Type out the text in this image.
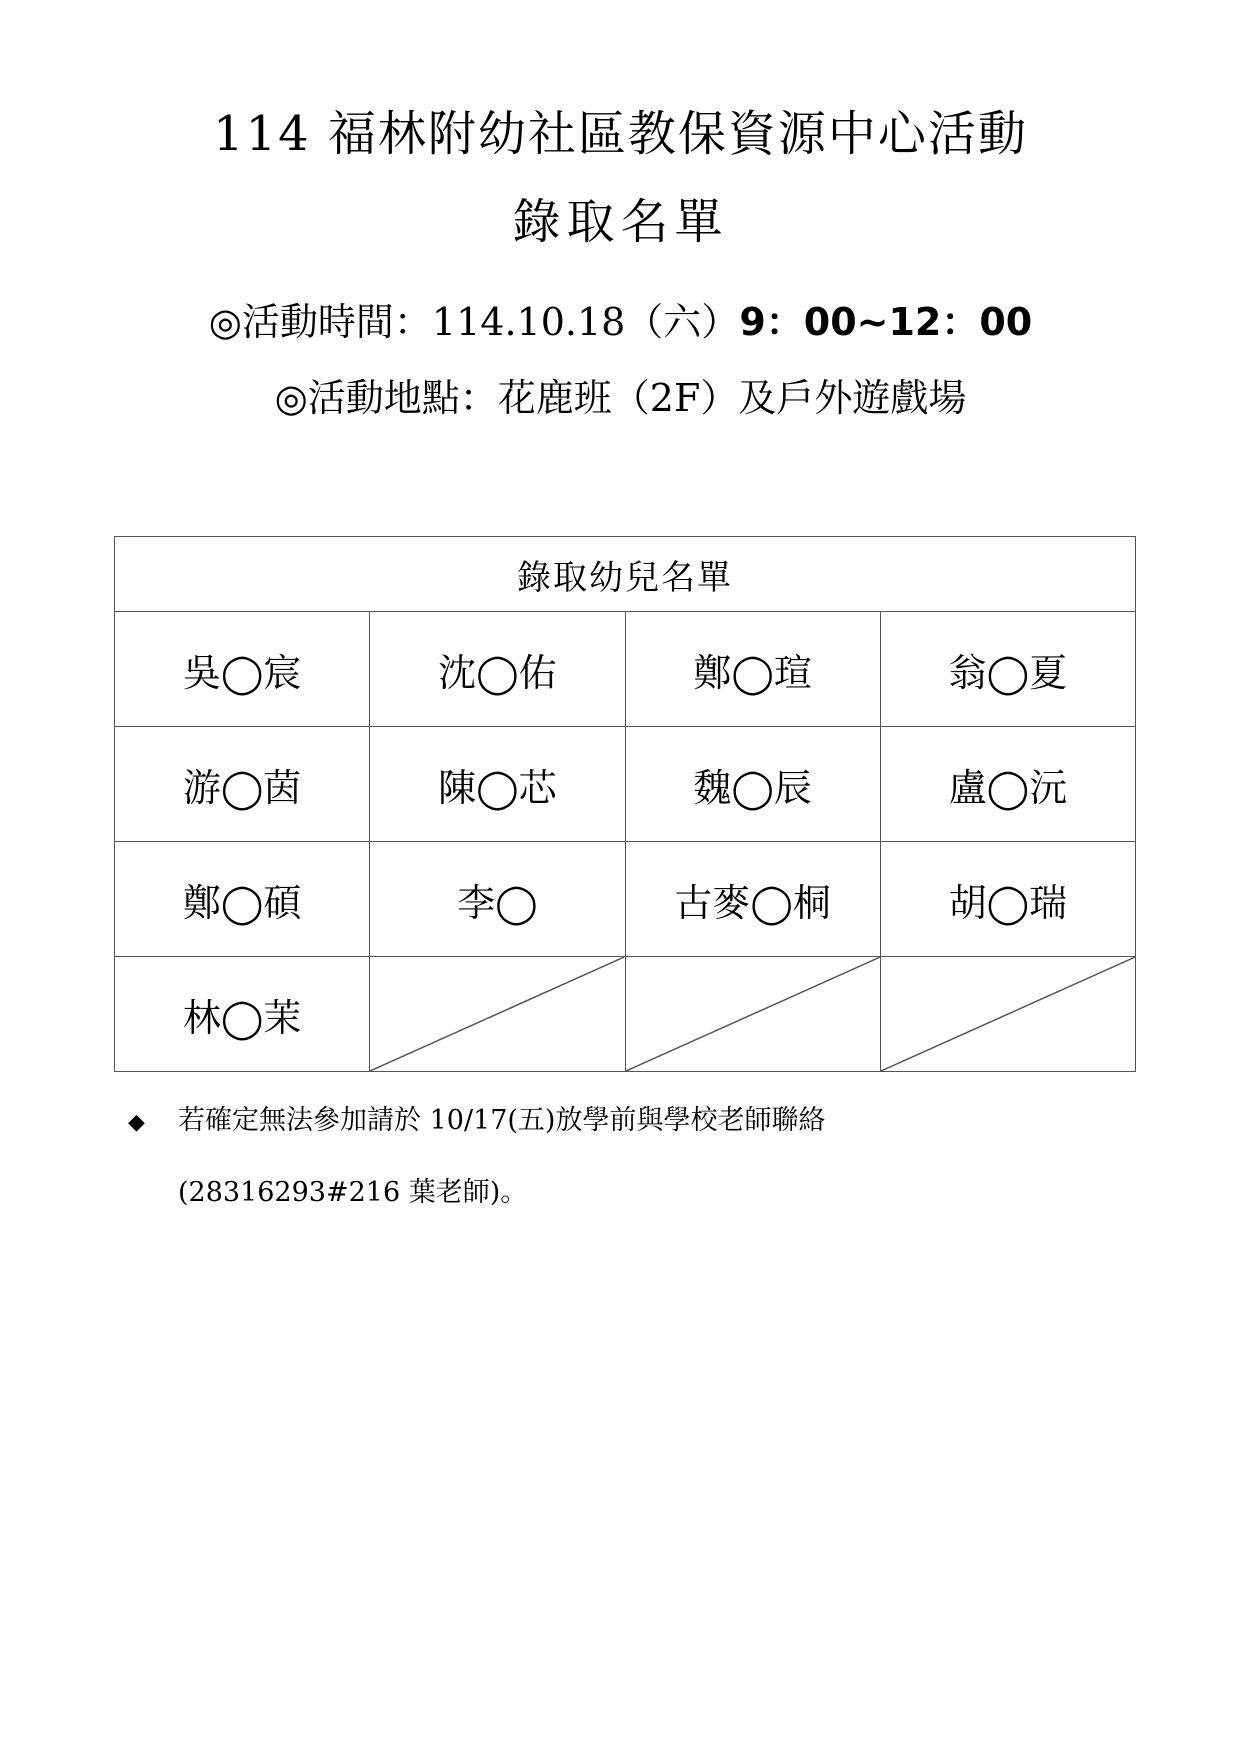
114 福林附幼社區教保資源中心活動
錄取名單
◎活動時間：114.10.18（六）9：00~12：00
◎活動地點：花鹿班（2F）及戶外遊戲場
錄取幼兒名單			
吳◯宸	沈◯佑	鄭◯瑄	翁◯夏
游◯茵	陳◯芯	魏◯辰	盧◯沅
鄭◯碩	李◯	古麥◯桐	胡◯瑞
林◯茉	

◆ 若確定無法參加請於 10/17(五)放學前與學校老師聯絡
(28316293#216 葉老師)。
